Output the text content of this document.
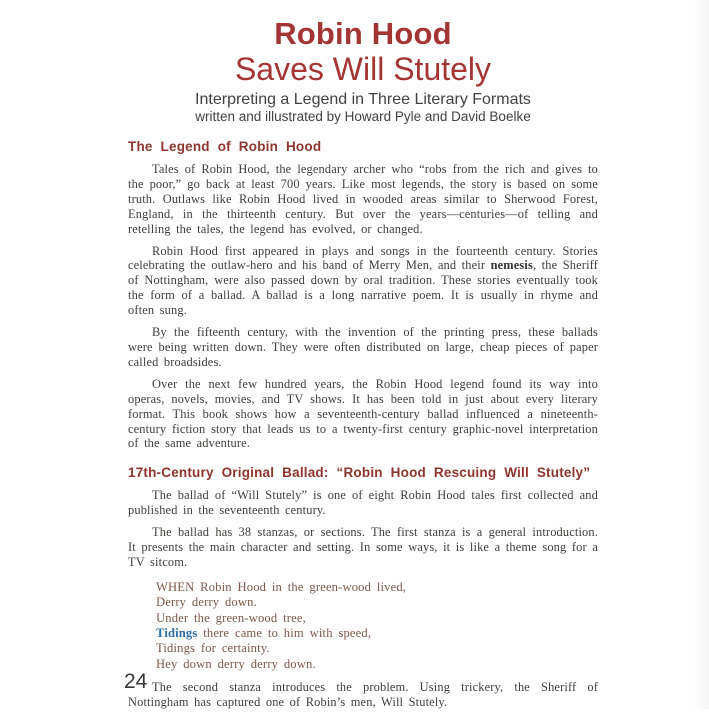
Robin Hood
Saves Will Stutely
Interpreting a Legend in Three Literary Formats
written and illustrated by Howard Pyle and David Boelke
The Legend of Robin Hood

Tales of Robin Hood, the legendary archer who “robs from the rich and gives to the poor,” go back at least 700 years. Like most legends, the story is based on some truth. Outlaws like Robin Hood lived in wooded areas similar to Sherwood Forest, England, in the thirteenth century. But over the years—centuries—of telling and retelling the tales, the legend has evolved, or changed.

Robin Hood first appeared in plays and songs in the fourteenth century. Stories celebrating the outlaw-hero and his band of Merry Men, and their nemesis, the Sheriff of Nottingham, were also passed down by oral tradition. These stories eventually took the form of a ballad. A ballad is a long narrative poem. It is usually in rhyme and often sung.

By the fifteenth century, with the invention of the printing press, these ballads were being written down. They were often distributed on large, cheap pieces of paper called broadsides.

Over the next few hundred years, the Robin Hood legend found its way into operas, novels, movies, and TV shows. It has been told in just about every literary format. This book shows how a seventeenth-century ballad influenced a nineteenth-century fiction story that leads us to a twenty-first century graphic-novel interpretation of the same adventure.

17th-Century Original Ballad: “Robin Hood Rescuing Will Stutely”

The ballad of “Will Stutely” is one of eight Robin Hood tales first collected and published in the seventeenth century.

The ballad has 38 stanzas, or sections. The first stanza is a general introduction. It presents the main character and setting. In some ways, it is like a theme song for a TV sitcom.

WHEN Robin Hood in the green-wood lived,
Derry derry down.
Under the green-wood tree,
Tidings there came to him with speed,
Tidings for certainty.
Hey down derry derry down.

The second stanza introduces the problem. Using trickery, the Sheriff of Nottingham has captured one of Robin’s men, Will Stutely.

24
